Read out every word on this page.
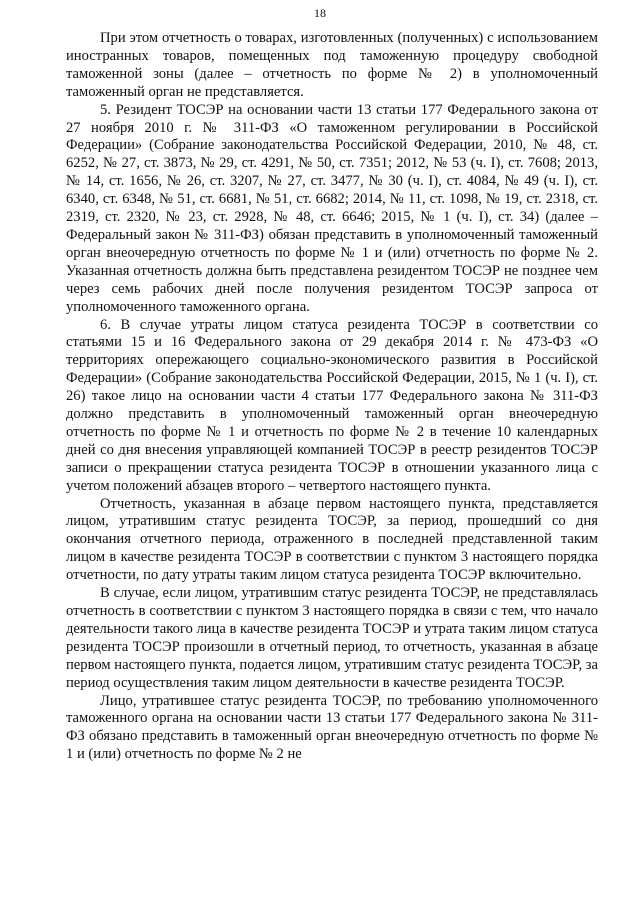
18

При этом отчетность о товарах, изготовленных (полученных) с использованием иностранных товаров, помещенных под таможенную процедуру свободной таможенной зоны (далее – отчетность по форме № 2) в уполномоченный таможенный орган не представляется.

5. Резидент ТОСЭР на основании части 13 статьи 177 Федерального закона от 27 ноября 2010 г. № 311-ФЗ «О таможенном регулировании в Российской Федерации» (Собрание законодательства Российской Федерации, 2010, № 48, ст. 6252, № 27, ст. 3873, № 29, ст. 4291, № 50, ст. 7351; 2012, № 53 (ч. I), ст. 7608; 2013, № 14, ст. 1656, № 26, ст. 3207, № 27, ст. 3477, № 30 (ч. I), ст. 4084, № 49 (ч. I), ст. 6340, ст. 6348, № 51, ст. 6681, № 51, ст. 6682; 2014, № 11, ст. 1098, № 19, ст. 2318, ст. 2319, ст. 2320, № 23, ст. 2928, № 48, ст. 6646; 2015, № 1 (ч. I), ст. 34) (далее – Федеральный закон № 311-ФЗ) обязан представить в уполномоченный таможенный орган внеочередную отчетность по форме № 1 и (или) отчетность по форме № 2. Указанная отчетность должна быть представлена резидентом ТОСЭР не позднее чем через семь рабочих дней после получения резидентом ТОСЭР запроса от уполномоченного таможенного органа.

6. В случае утраты лицом статуса резидента ТОСЭР в соответствии со статьями 15 и 16 Федерального закона от 29 декабря 2014 г. № 473-ФЗ «О территориях опережающего социально-экономического развития в Российской Федерации» (Собрание законодательства Российской Федерации, 2015, № 1 (ч. I), ст. 26) такое лицо на основании части 4 статьи 177 Федерального закона № 311-ФЗ должно представить в уполномоченный таможенный орган внеочередную отчетность по форме № 1 и отчетность по форме № 2 в течение 10 календарных дней со дня внесения управляющей компанией ТОСЭР в реестр резидентов ТОСЭР записи о прекращении статуса резидента ТОСЭР в отношении указанного лица с учетом положений абзацев второго – четвертого настоящего пункта.

Отчетность, указанная в абзаце первом настоящего пункта, представляется лицом, утратившим статус резидента ТОСЭР, за период, прошедший со дня окончания отчетного периода, отраженного в последней представленной таким лицом в качестве резидента ТОСЭР в соответствии с пунктом 3 настоящего порядка отчетности, по дату утраты таким лицом статуса резидента ТОСЭР включительно.

В случае, если лицом, утратившим статус резидента ТОСЭР, не представлялась отчетность в соответствии с пунктом 3 настоящего порядка в связи с тем, что начало деятельности такого лица в качестве резидента ТОСЭР и утрата таким лицом статуса резидента ТОСЭР произошли в отчетный период, то отчетность, указанная в абзаце первом настоящего пункта, подается лицом, утратившим статус резидента ТОСЭР, за период осуществления таким лицом деятельности в качестве резидента ТОСЭР.

Лицо, утратившее статус резидента ТОСЭР, по требованию уполномоченного таможенного органа на основании части 13 статьи 177 Федерального закона № 311-ФЗ обязано представить в таможенный орган внеочередную отчетность по форме № 1 и (или) отчетность по форме № 2 не
